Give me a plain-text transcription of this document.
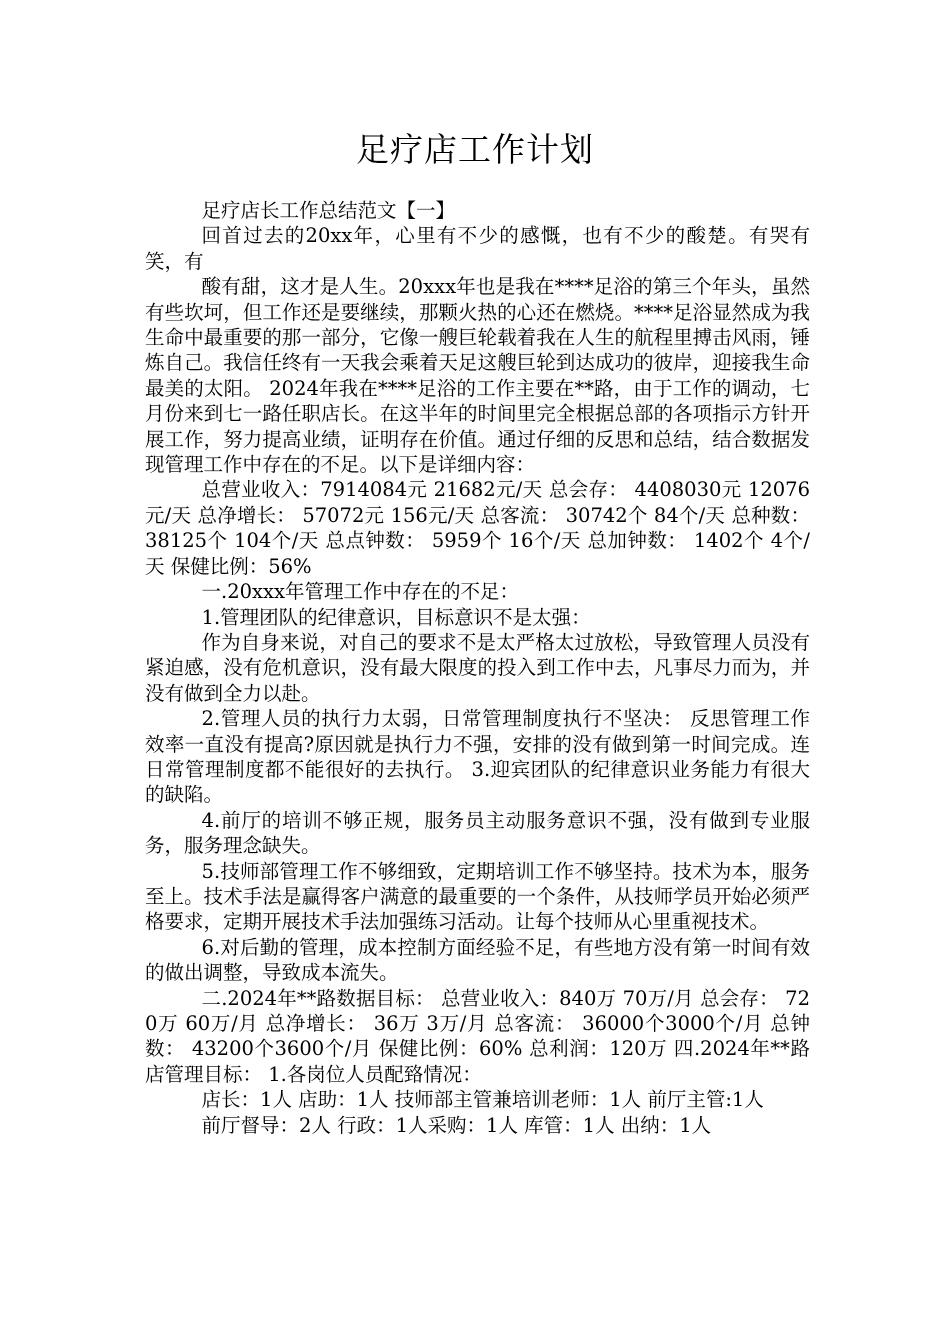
足疗店工作计划

足疗店长工作总结范文【一】

回首过去的20xx年，心里有不少的感慨，也有不少的酸楚。有哭有笑，有

酸有甜，这才是人生。20xxx年也是我在****足浴的第三个年头，虽然有些坎坷，但工作还是要继续，那颗火热的心还在燃烧。****足浴显然成为我生命中最重要的那一部分，它像一艘巨轮载着我在人生的航程里搏击风雨，锤炼自己。我信任终有一天我会乘着天足这艘巨轮到达成功的彼岸，迎接我生命最美的太阳。 2024年我在****足浴的工作主要在**路，由于工作的调动，七月份来到七一路任职店长。在这半年的时间里完全根据总部的各项指示方针开展工作，努力提高业绩，证明存在价值。通过仔细的反思和总结，结合数据发现管理工作中存在的不足。以下是详细内容：

总营业收入：7914084元 21682元/天 总会存： 4408030元 12076元/天 总净增长： 57072元 156元/天 总客流： 30742个 84个/天 总种数： 38125个 104个/天 总点钟数： 5959个 16个/天 总加钟数： 1402个 4个/天 保健比例：56%

一.20xxx年管理工作中存在的不足：

1.管理团队的纪律意识，目标意识不是太强：

作为自身来说，对自己的要求不是太严格太过放松，导致管理人员没有紧迫感，没有危机意识，没有最大限度的投入到工作中去，凡事尽力而为，并没有做到全力以赴。

2.管理人员的执行力太弱，日常管理制度执行不坚决： 反思管理工作效率一直没有提高?原因就是执行力不强，安排的没有做到第一时间完成。连日常管理制度都不能很好的去执行。 3.迎宾团队的纪律意识业务能力有很大的缺陷。

4.前厅的培训不够正规，服务员主动服务意识不强，没有做到专业服务，服务理念缺失。

5.技师部管理工作不够细致，定期培训工作不够坚持。技术为本，服务至上。技术手法是赢得客户满意的最重要的一个条件，从技师学员开始必须严格要求，定期开展技术手法加强练习活动。让每个技师从心里重视技术。

6.对后勤的管理，成本控制方面经验不足，有些地方没有第一时间有效的做出调整，导致成本流失。

二.2024年**路数据目标： 总营业收入：840万 70万/月 总会存： 720万 60万/月 总净增长： 36万 3万/月 总客流： 36000个3000个/月 总钟数： 43200个3600个/月 保健比例：60% 总利润：120万 四.2024年**路店管理目标： 1.各岗位人员配臵情况：

店长：1人 店助：1人 技师部主管兼培训老师：1人 前厅主管:1人

前厅督导：2人 行政：1人采购：1人 库管：1人 出纳：1人
